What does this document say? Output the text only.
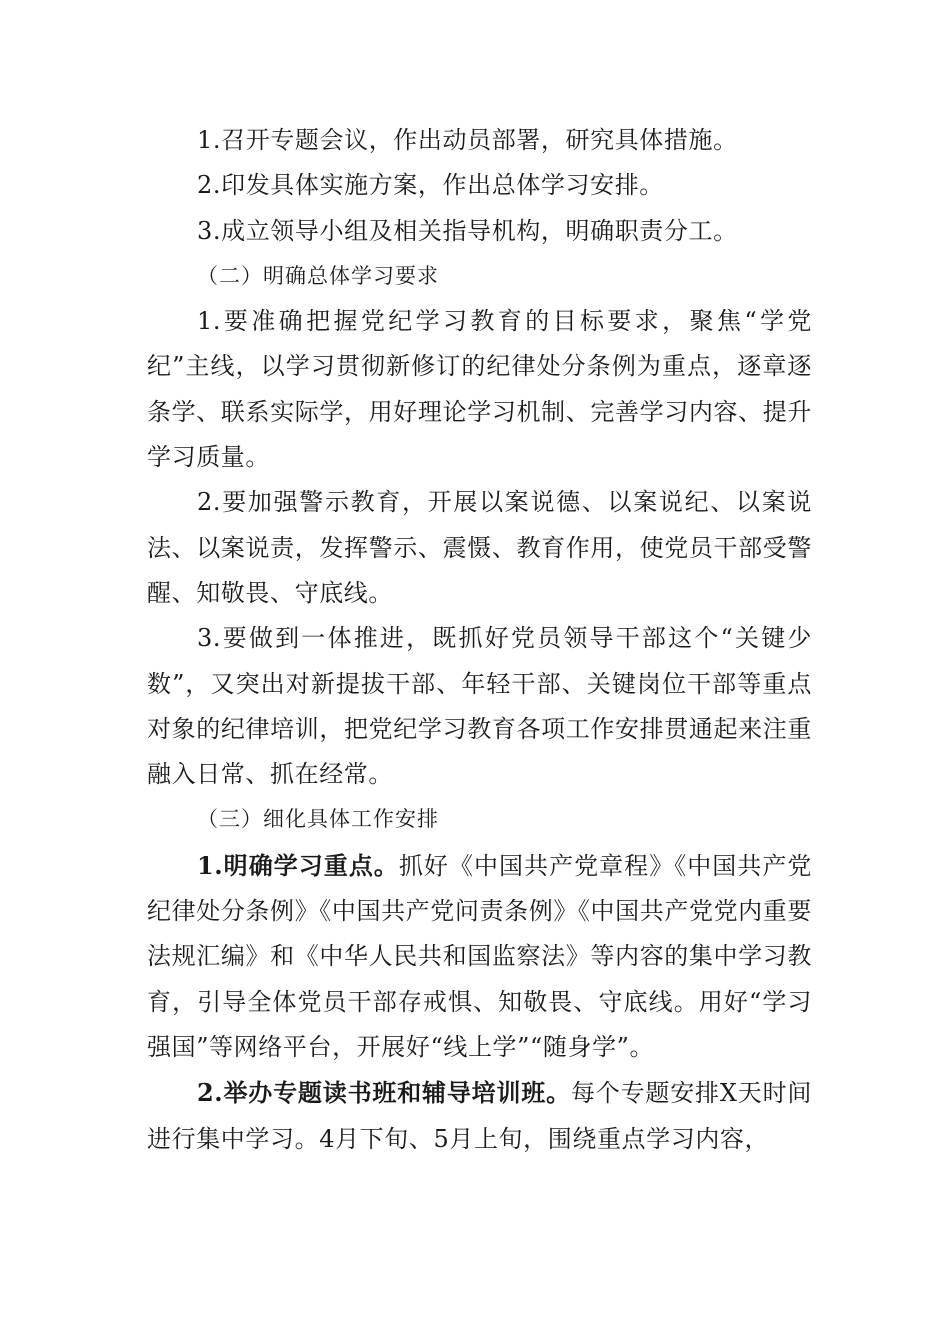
1.召开专题会议，作出动员部署，研究具体措施。

2.印发具体实施方案，作出总体学习安排。

3.成立领导小组及相关指导机构，明确职责分工。

（二）明确总体学习要求

1.要准确把握党纪学习教育的目标要求，聚焦“学党纪”主线，以学习贯彻新修订的纪律处分条例为重点，逐章逐条学、联系实际学，用好理论学习机制、完善学习内容、提升学习质量。

2.要加强警示教育，开展以案说德、以案说纪、以案说法、以案说责，发挥警示、震慑、教育作用，使党员干部受警醒、知敬畏、守底线。

3.要做到一体推进，既抓好党员领导干部这个“关键少数”，又突出对新提拔干部、年轻干部、关键岗位干部等重点对象的纪律培训，把党纪学习教育各项工作安排贯通起来注重融入日常、抓在经常。

（三）细化具体工作安排

1.明确学习重点。抓好《中国共产党章程》《中国共产党纪律处分条例》《中国共产党问责条例》《中国共产党党内重要法规汇编》和《中华人民共和国监察法》等内容的集中学习教育，引导全体党员干部存戒惧、知敬畏、守底线。用好“学习强国”等网络平台，开展好“线上学”“随身学”。

2.举办专题读书班和辅导培训班。每个专题安排X天时间进行集中学习。4月下旬、5月上旬，围绕重点学习内容，
